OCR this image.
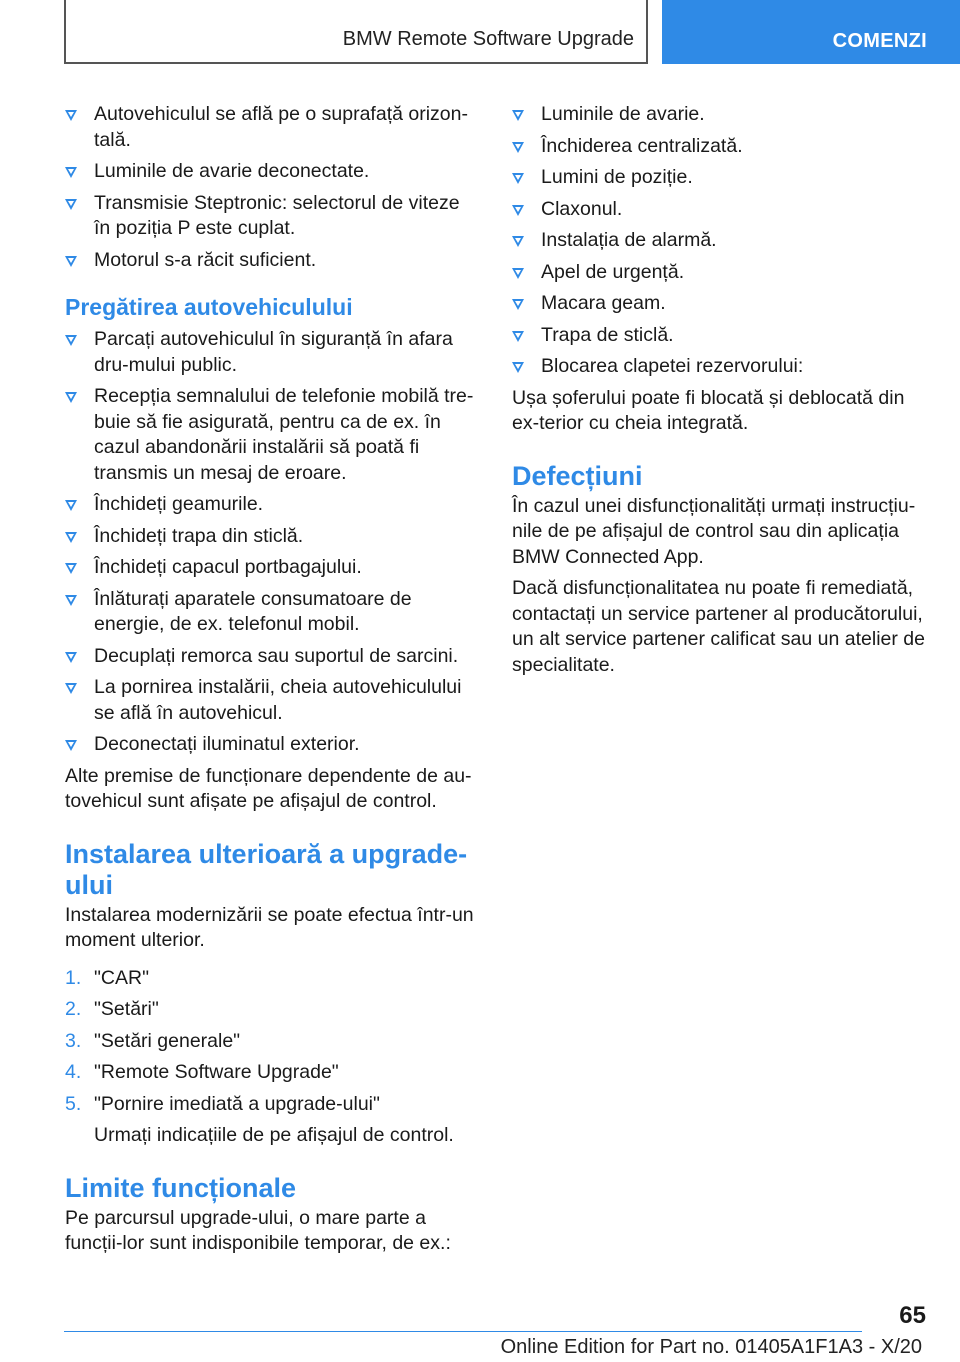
BMW Remote Software Upgrade	COMENZI
Autovehiculul se află pe o suprafață orizon-tală.
Luminile de avarie deconectate.
Transmisie Steptronic: selectorul de viteze în poziția P este cuplat.
Motorul s-a răcit suficient.
Pregătirea autovehiculului
Parcați autovehiculul în siguranță în afara dru-mului public.
Recepția semnalului de telefonie mobilă tre-buie să fie asigurată, pentru ca de ex. în cazul abandonării instalării să poată fi transmis un mesaj de eroare.
Închideți geamurile.
Închideți trapa din sticlă.
Închideți capacul portbagajului.
Înlăturați aparatele consumatoare de energie, de ex. telefonul mobil.
Decuplați remorca sau suportul de sarcini.
La pornirea instalării, cheia autovehiculului se află în autovehicul.
Deconectați iluminatul exterior.

Alte premise de funcționare dependente de au-tovehicul sunt afișate pe afișajul de control.

Instalarea ulterioară a upgrade-ului

Instalarea modernizării se poate efectua într-un moment ulterior.

1. "CAR"
2. "Setări"
3. "Setări generale"
4. "Remote Software Upgrade"
5. "Pornire imediată a upgrade-ului"

Urmați indicațiile de pe afișajul de control.

Limite funcționale

Pe parcursul upgrade-ului, o mare parte a funcții-lor sunt indisponibile temporar, de ex.:

Luminile de avarie.
Închiderea centralizată.
Lumini de poziție.
Claxonul.
Instalația de alarmă.
Apel de urgență.
Macara geam.
Trapa de sticlă.
Blocarea clapetei rezervorului:

Ușa șoferului poate fi blocată și deblocată din ex-terior cu cheia integrată.

Defecțiuni

În cazul unei disfuncționalități urmați instrucțiu-nile de pe afișajul de control sau din aplicația BMW Connected App.

Dacă disfuncționalitatea nu poate fi remediată, contactați un service partener al producătorului, un alt service partener calificat sau un atelier de specialitate.

65
Online Edition for Part no. 01405A1F1A3 - X/20
